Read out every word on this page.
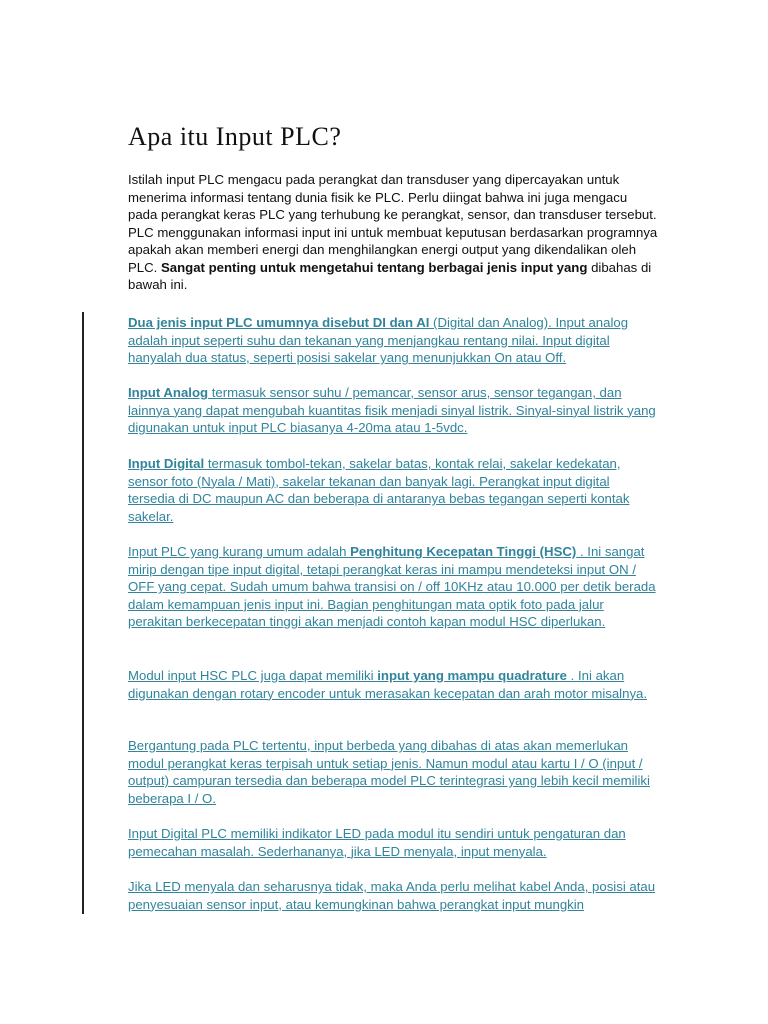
Apa itu Input PLC?

Istilah input PLC mengacu pada perangkat dan transduser yang dipercayakan untuk menerima informasi tentang dunia fisik ke PLC. Perlu diingat bahwa ini juga mengacu pada perangkat keras PLC yang terhubung ke perangkat, sensor, dan transduser tersebut. PLC menggunakan informasi input ini untuk membuat keputusan berdasarkan programnya apakah akan memberi energi dan menghilangkan energi output yang dikendalikan oleh PLC. Sangat penting untuk mengetahui tentang berbagai jenis input yang dibahas di bawah ini.

Dua jenis input PLC umumnya disebut DI dan AI (Digital dan Analog). Input analog adalah input seperti suhu dan tekanan yang menjangkau rentang nilai. Input digital hanyalah dua status, seperti posisi sakelar yang menunjukkan On atau Off.

Input Analog termasuk sensor suhu / pemancar, sensor arus, sensor tegangan, dan lainnya yang dapat mengubah kuantitas fisik menjadi sinyal listrik. Sinyal-sinyal listrik yang digunakan untuk input PLC biasanya 4-20ma atau 1-5vdc.

Input Digital termasuk tombol-tekan, sakelar batas, kontak relai, sakelar kedekatan, sensor foto (Nyala / Mati), sakelar tekanan dan banyak lagi. Perangkat input digital tersedia di DC maupun AC dan beberapa di antaranya bebas tegangan seperti kontak sakelar.

Input PLC yang kurang umum adalah Penghitung Kecepatan Tinggi (HSC) . Ini sangat mirip dengan tipe input digital, tetapi perangkat keras ini mampu mendeteksi input ON / OFF yang cepat. Sudah umum bahwa transisi on / off 10KHz atau 10.000 per detik berada dalam kemampuan jenis input ini. Bagian penghitungan mata optik foto pada jalur perakitan berkecepatan tinggi akan menjadi contoh kapan modul HSC diperlukan.

Modul input HSC PLC juga dapat memiliki input yang mampu quadrature . Ini akan digunakan dengan rotary encoder untuk merasakan kecepatan dan arah motor misalnya.

Bergantung pada PLC tertentu, input berbeda yang dibahas di atas akan memerlukan modul perangkat keras terpisah untuk setiap jenis. Namun modul atau kartu I / O (input / output) campuran tersedia dan beberapa model PLC terintegrasi yang lebih kecil memiliki beberapa I / O.

Input Digital PLC memiliki indikator LED pada modul itu sendiri untuk pengaturan dan pemecahan masalah. Sederhananya, jika LED menyala, input menyala.

Jika LED menyala dan seharusnya tidak, maka Anda perlu melihat kabel Anda, posisi atau penyesuaian sensor input, atau kemungkinan bahwa perangkat input mungkin
